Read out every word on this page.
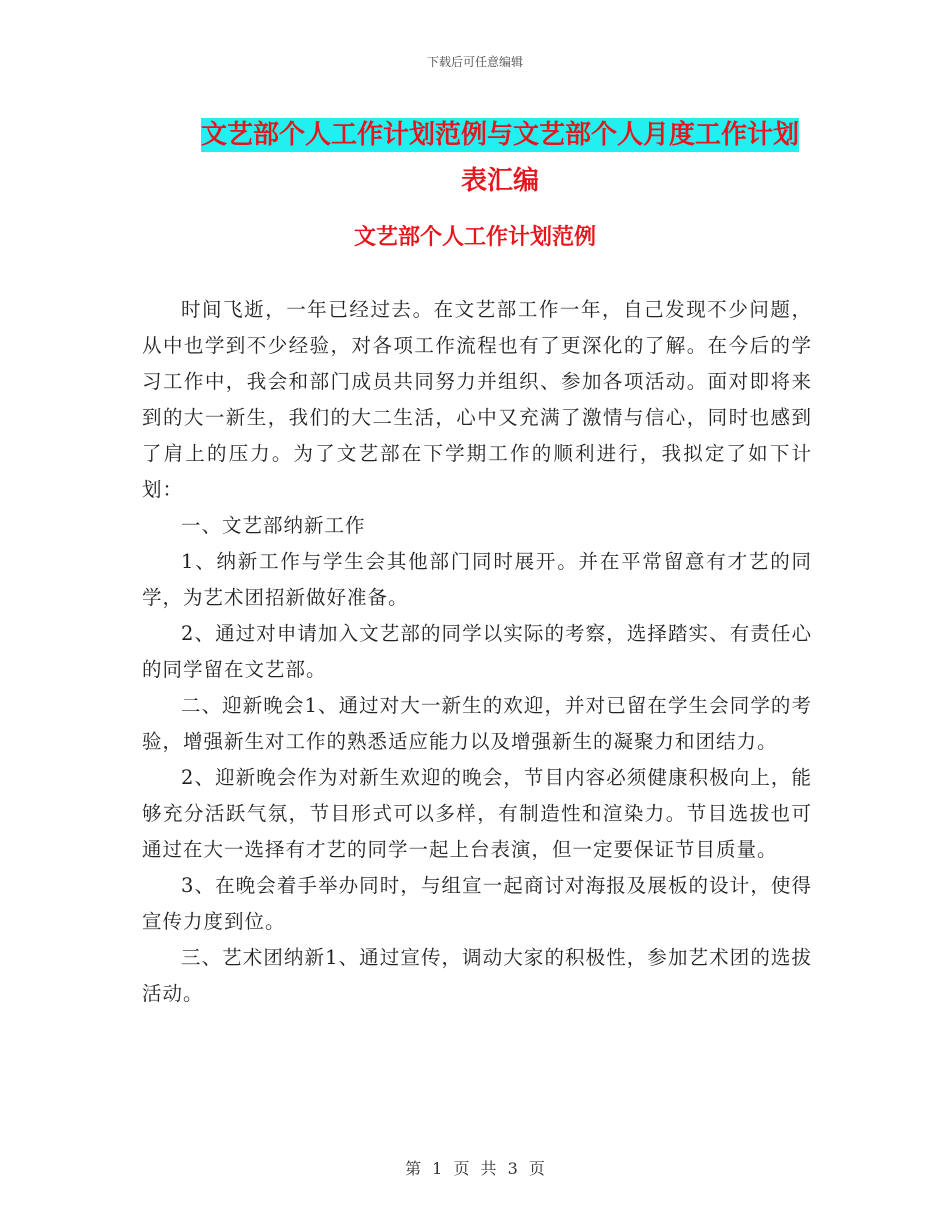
下载后可任意编辑
文艺部个人工作计划范例与文艺部个人月度工作计划
表汇编
文艺部个人工作计划范例

时间飞逝，一年已经过去。在文艺部工作一年，自己发现不少问题，从中也学到不少经验，对各项工作流程也有了更深化的了解。在今后的学习工作中，我会和部门成员共同努力并组织、参加各项活动。面对即将来到的大一新生，我们的大二生活，心中又充满了激情与信心，同时也感到了肩上的压力。为了文艺部在下学期工作的顺利进行，我拟定了如下计划：

一、文艺部纳新工作

1、纳新工作与学生会其他部门同时展开。并在平常留意有才艺的同学，为艺术团招新做好准备。

2、通过对申请加入文艺部的同学以实际的考察，选择踏实、有责任心的同学留在文艺部。

二、迎新晚会1、通过对大一新生的欢迎，并对已留在学生会同学的考验，增强新生对工作的熟悉适应能力以及增强新生的凝聚力和团结力。

2、迎新晚会作为对新生欢迎的晚会，节目内容必须健康积极向上，能够充分活跃气氛，节目形式可以多样，有制造性和渲染力。节目选拔也可通过在大一选择有才艺的同学一起上台表演，但一定要保证节目质量。

3、在晚会着手举办同时，与组宣一起商讨对海报及展板的设计，使得宣传力度到位。

三、艺术团纳新1、通过宣传，调动大家的积极性，参加艺术团的选拔活动。

第 1 页 共 3 页
